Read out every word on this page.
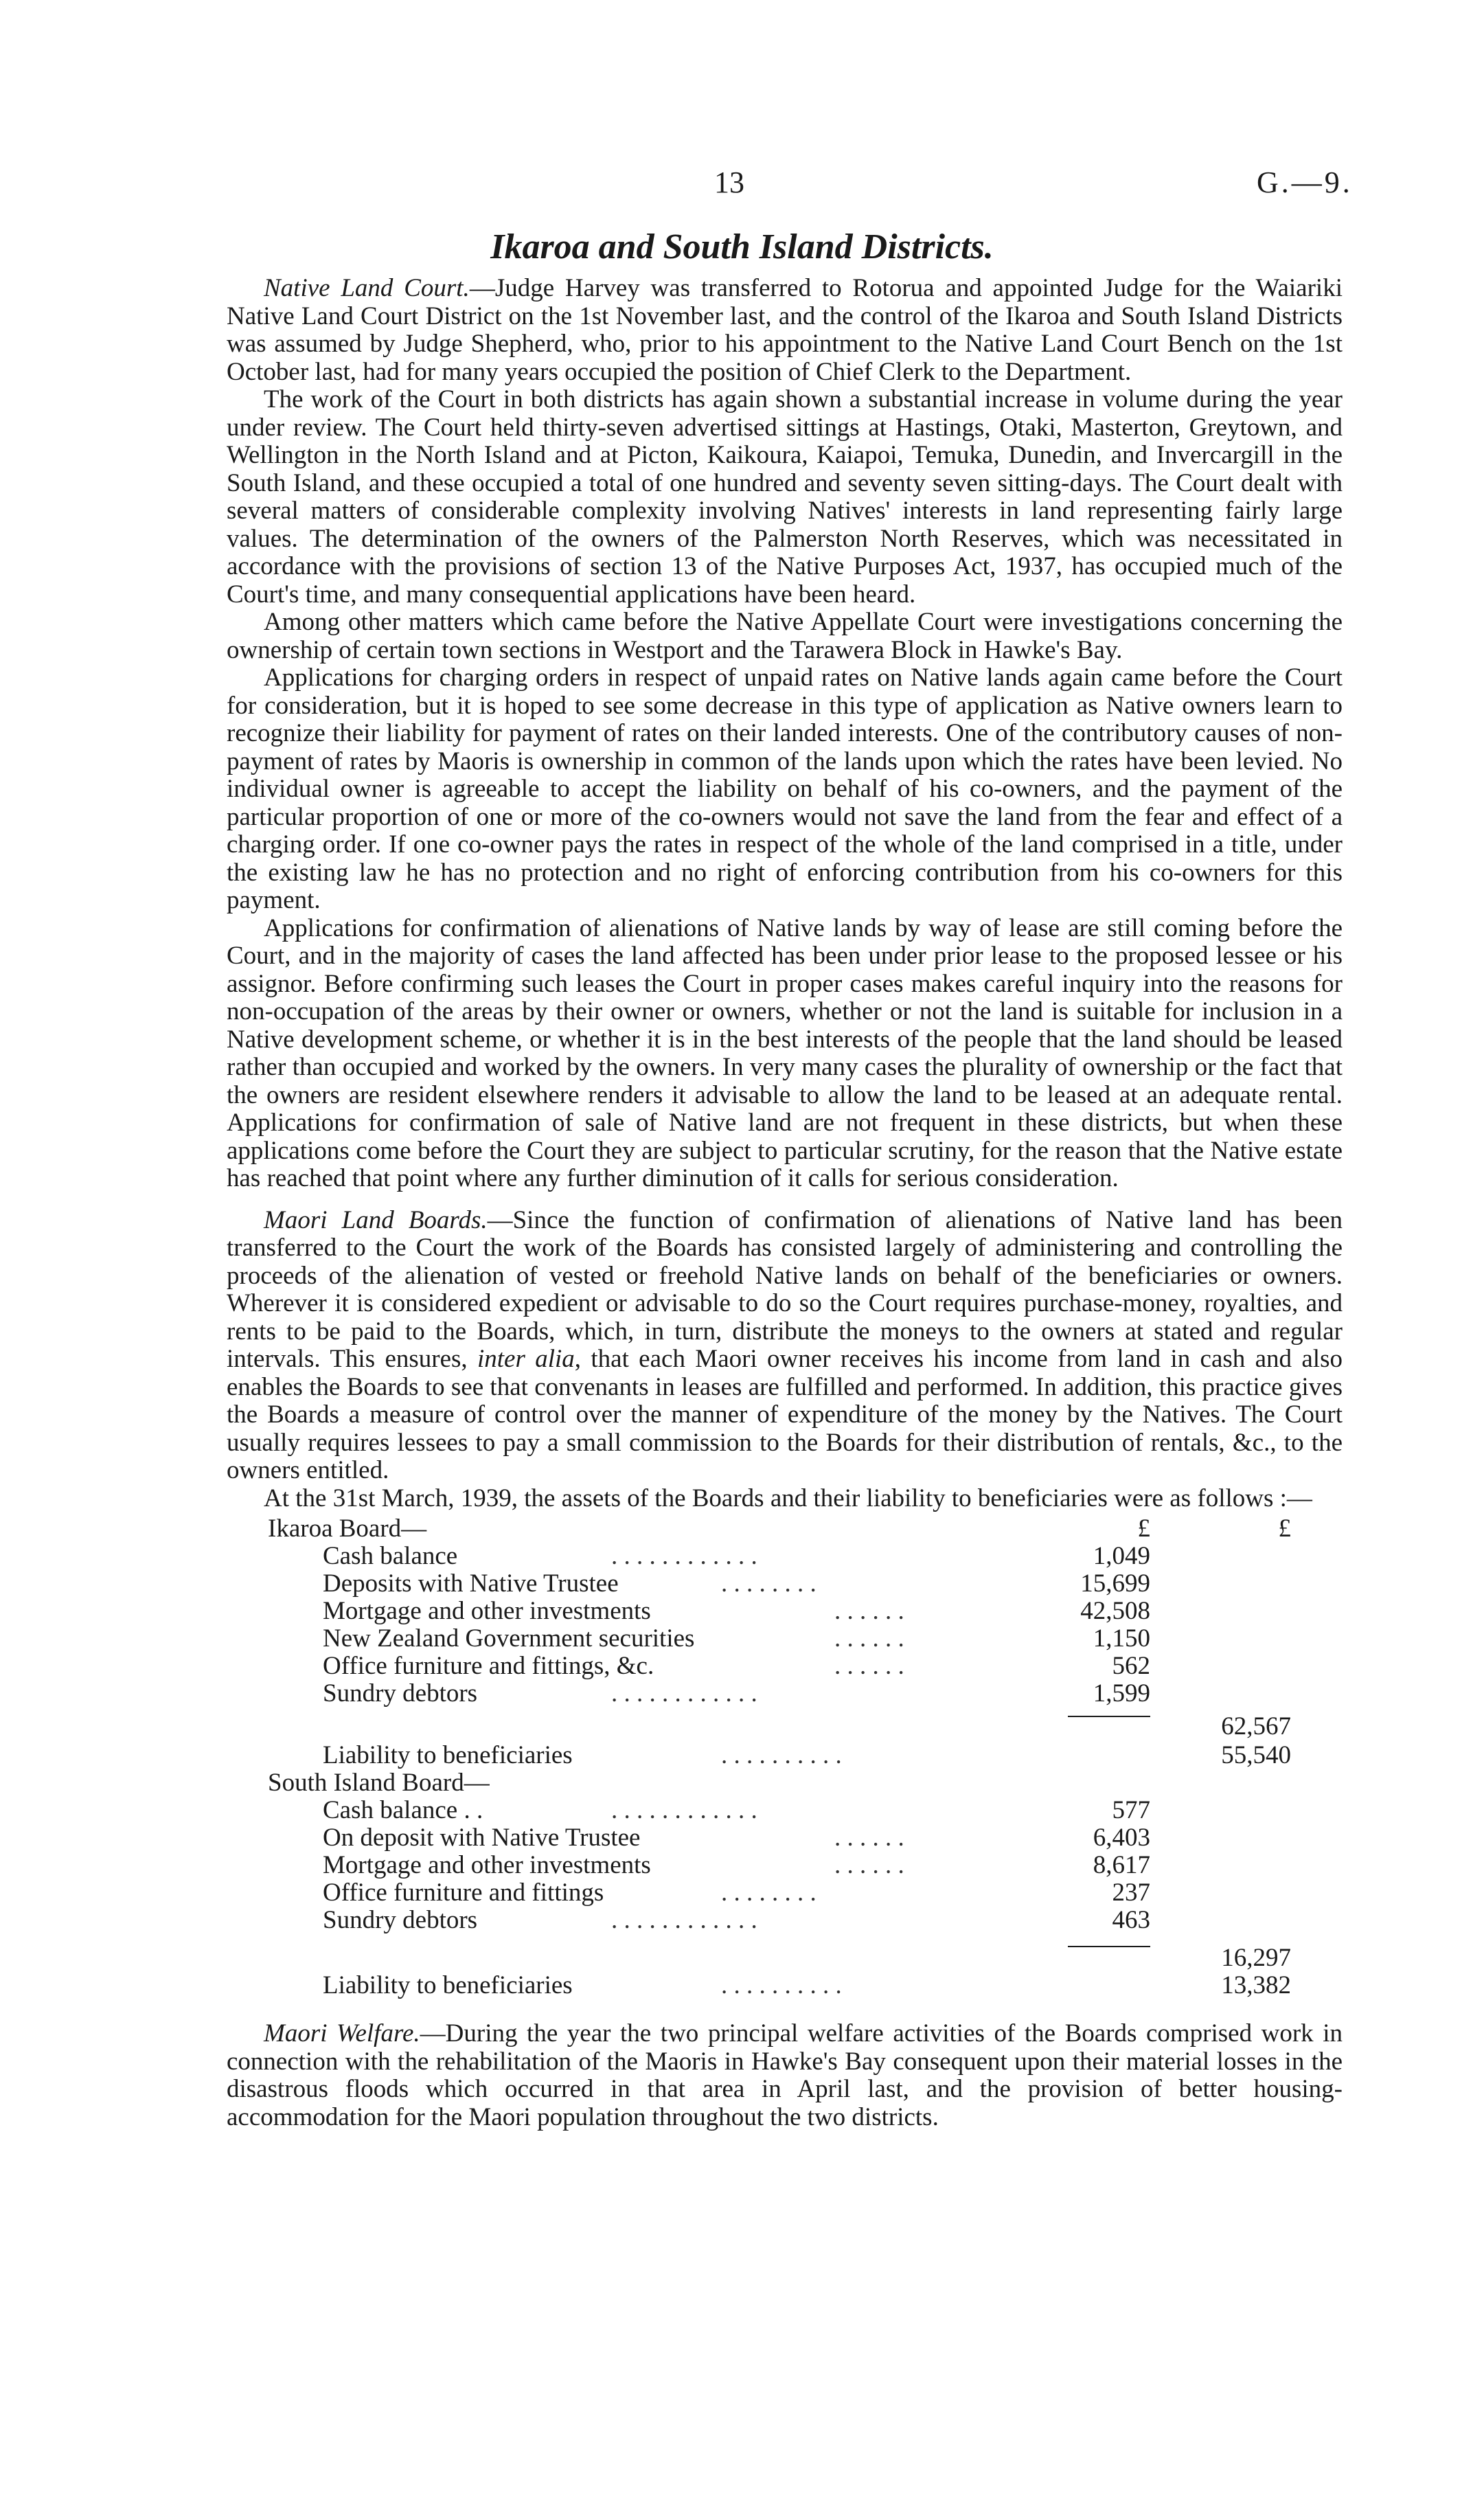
13	G.—9.
Ikaroa and South Island Districts.

Native Land Court.—Judge Harvey was transferred to Rotorua and appointed Judge for the Waiariki Native Land Court District on the 1st November last, and the control of the Ikaroa and South Island Districts was assumed by Judge Shepherd, who, prior to his appointment to the Native Land Court Bench on the 1st October last, had for many years occupied the position of Chief Clerk to the Department.

The work of the Court in both districts has again shown a substantial increase in volume during the year under review. The Court held thirty-seven advertised sittings at Hastings, Otaki, Masterton, Greytown, and Wellington in the North Island and at Picton, Kaikoura, Kaiapoi, Temuka, Dunedin, and Invercargill in the South Island, and these occupied a total of one hundred and seventy seven sitting-days. The Court dealt with several matters of considerable complexity involving Natives' interests in land representing fairly large values. The determination of the owners of the Palmerston North Reserves, which was necessitated in accordance with the provisions of section 13 of the Native Purposes Act, 1937, has occupied much of the Court's time, and many consequential applications have been heard.

Among other matters which came before the Native Appellate Court were investigations concerning the ownership of certain town sections in Westport and the Tarawera Block in Hawke's Bay.

Applications for charging orders in respect of unpaid rates on Native lands again came before the Court for consideration, but it is hoped to see some decrease in this type of application as Native owners learn to recognize their liability for payment of rates on their landed interests. One of the contributory causes of non-payment of rates by Maoris is ownership in common of the lands upon which the rates have been levied. No individual owner is agreeable to accept the liability on behalf of his co-owners, and the payment of the particular proportion of one or more of the co-owners would not save the land from the fear and effect of a charging order. If one co-owner pays the rates in respect of the whole of the land comprised in a title, under the existing law he has no protection and no right of enforcing contribution from his co-owners for this payment.

Applications for confirmation of alienations of Native lands by way of lease are still coming before the Court, and in the majority of cases the land affected has been under prior lease to the proposed lessee or his assignor. Before confirming such leases the Court in proper cases makes careful inquiry into the reasons for non-occupation of the areas by their owner or owners, whether or not the land is suitable for inclusion in a Native development scheme, or whether it is in the best interests of the people that the land should be leased rather than occupied and worked by the owners. In very many cases the plurality of ownership or the fact that the owners are resident elsewhere renders it advisable to allow the land to be leased at an adequate rental. Applications for confirmation of sale of Native land are not frequent in these districts, but when these applications come before the Court they are subject to particular scrutiny, for the reason that the Native estate has reached that point where any further diminution of it calls for serious consideration.

Maori Land Boards.—Since the function of confirmation of alienations of Native land has been transferred to the Court the work of the Boards has consisted largely of administering and controlling the proceeds of the alienation of vested or freehold Native lands on behalf of the beneficiaries or owners. Wherever it is considered expedient or advisable to do so the Court requires purchase-money, royalties, and rents to be paid to the Boards, which, in turn, distribute the moneys to the owners at stated and regular intervals. This ensures, inter alia, that each Maori owner receives his income from land in cash and also enables the Boards to see that convenants in leases are fulfilled and performed. In addition, this practice gives the Boards a measure of control over the manner of expenditure of the money by the Natives. The Court usually requires lessees to pay a small commission to the Boards for their distribution of rentals, &c., to the owners entitled.

At the 31st March, 1939, the assets of the Boards and their liability to beneficiaries were as follows :—

£	£
Ikaroa Board—
Cash balance	. . . . . . . . . . . .	1,049
Deposits with Native Trustee	. . . . . . . .	15,699
Mortgage and other investments	. . . . . .	42,508
New Zealand Government securities	. . . . . .	1,150
Office furniture and fittings, &c.	. . . . . .	562
Sundry debtors	. . . . . . . . . . . .	1,599
62,567
Liability to beneficiaries	. . . . . . . . . .	55,540
South Island Board—
Cash balance . .	. . . . . . . . . . . .	577
On deposit with Native Trustee	. . . . . .	6,403
Mortgage and other investments	. . . . . .	8,617
Office furniture and fittings	. . . . . . . .	237
Sundry debtors	. . . . . . . . . . . .	463
16,297
Liability to beneficiaries	. . . . . . . . . .	13,382

Maori Welfare.—During the year the two principal welfare activities of the Boards comprised work in connection with the rehabilitation of the Maoris in Hawke's Bay consequent upon their material losses in the disastrous floods which occurred in that area in April last, and the provision of better housing-accommodation for the Maori population throughout the two districts.
